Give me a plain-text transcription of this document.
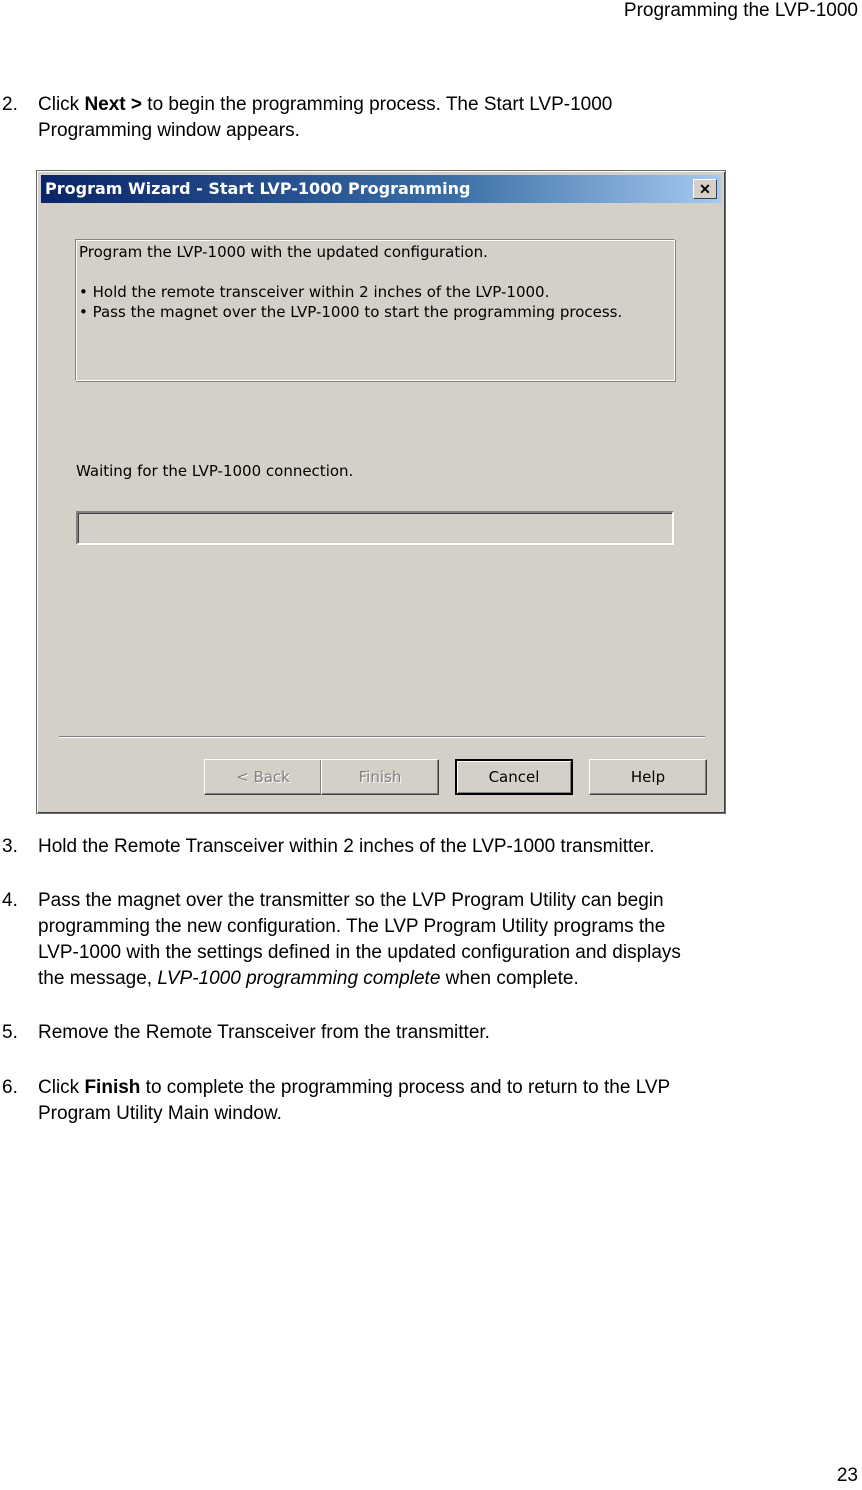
Programming the LVP-1000
2. Click Next > to begin the programming process. The Start LVP-1000
Programming window appears.
Program Wizard - Start LVP-1000 Programming	✕
Program the LVP-1000 with the updated configuration.
• Hold the remote transceiver within 2 inches of the LVP-1000.
• Pass the magnet over the LVP-1000 to start the programming process.
Waiting for the LVP-1000 connection.
< Back	Finish	Cancel	Help
3. Hold the Remote Transceiver within 2 inches of the LVP-1000 transmitter.
4. Pass the magnet over the transmitter so the LVP Program Utility can begin
programming the new configuration. The LVP Program Utility programs the
LVP-1000 with the settings defined in the updated configuration and displays
the message, LVP-1000 programming complete when complete.
5. Remove the Remote Transceiver from the transmitter.
6. Click Finish to complete the programming process and to return to the LVP
Program Utility Main window.
23
